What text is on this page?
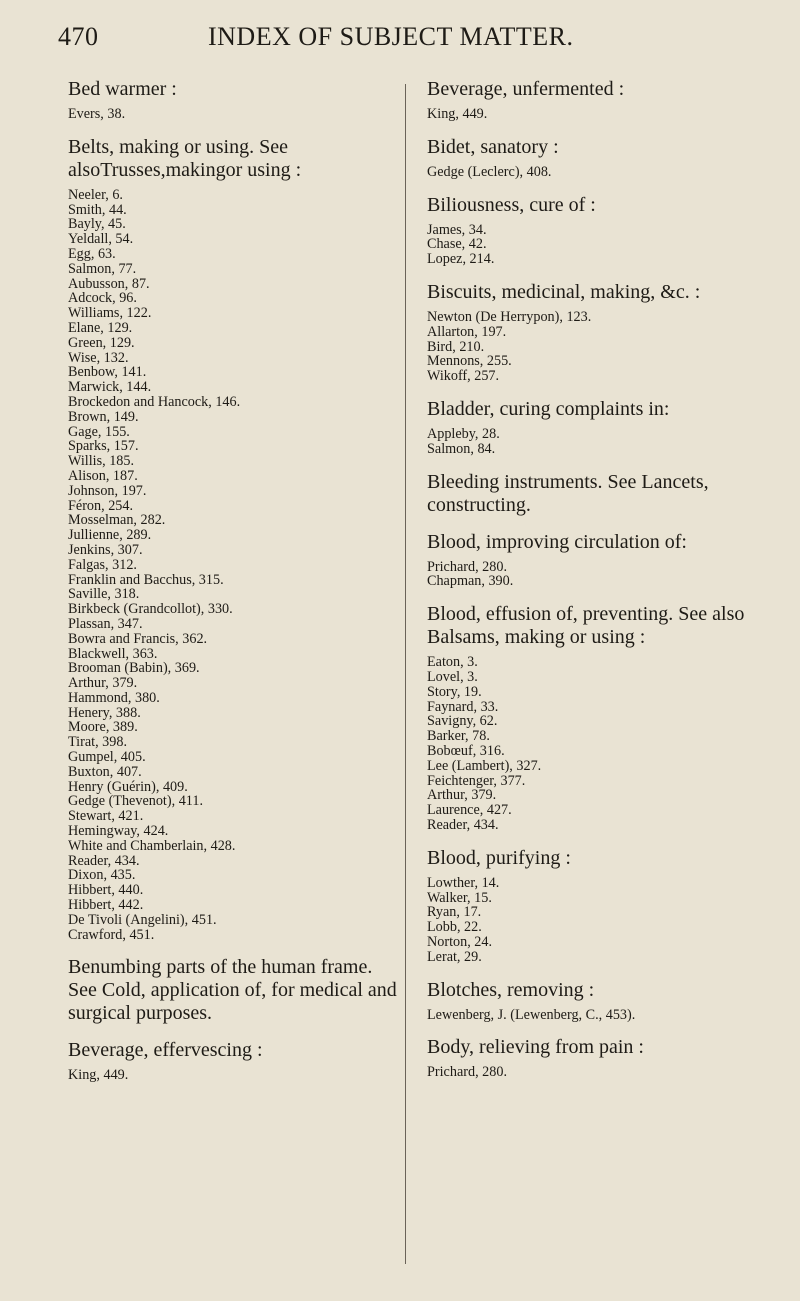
470	INDEX OF SUBJECT MATTER.

Bed warmer :

Evers, 38.

Belts, making or using. See alsoTrusses,makingor using :

Neeler, 6.
Smith, 44.
Bayly, 45.
Yeldall, 54.
Egg, 63.
Salmon, 77.
Aubusson, 87.
Adcock, 96.
Williams, 122.
Elane, 129.
Green, 129.
Wise, 132.
Benbow, 141.
Marwick, 144.
Brockedon and Hancock, 146.
Brown, 149.
Gage, 155.
Sparks, 157.
Willis, 185.
Alison, 187.
Johnson, 197.
Féron, 254.
Mosselman, 282.
Jullienne, 289.
Jenkins, 307.
Falgas, 312.
Franklin and Bacchus, 315.
Saville, 318.
Birkbeck (Grandcollot), 330.
Plassan, 347.
Bowra and Francis, 362.
Blackwell, 363.
Brooman (Babin), 369.
Arthur, 379.
Hammond, 380.
Henery, 388.
Moore, 389.
Tirat, 398.
Gumpel, 405.
Buxton, 407.
Henry (Guérin), 409.
Gedge (Thevenot), 411.
Stewart, 421.
Hemingway, 424.
White and Chamberlain, 428.
Reader, 434.
Dixon, 435.
Hibbert, 440.
Hibbert, 442.
De Tivoli (Angelini), 451.
Crawford, 451.

Benumbing parts of the human frame. See Cold, application of, for medical and surgical purposes.

Beverage, effervescing :

King, 449.

Beverage, unfermented :

King, 449.

Bidet, sanatory :

Gedge (Leclerc), 408.

Biliousness, cure of :

James, 34.
Chase, 42.
Lopez, 214.

Biscuits, medicinal, making, &c. :

Newton (De Herrypon), 123.
Allarton, 197.
Bird, 210.
Mennons, 255.
Wikoff, 257.

Bladder, curing complaints in:

Appleby, 28.
Salmon, 84.

Bleeding instruments. See Lancets, constructing.

Blood, improving circulation of:

Prichard, 280.
Chapman, 390.

Blood, effusion of, preventing. See also Balsams, making or using :

Eaton, 3.
Lovel, 3.
Story, 19.
Faynard, 33.
Savigny, 62.
Barker, 78.
Bobœuf, 316.
Lee (Lambert), 327.
Feichtenger, 377.
Arthur, 379.
Laurence, 427.
Reader, 434.

Blood, purifying :

Lowther, 14.
Walker, 15.
Ryan, 17.
Lobb, 22.
Norton, 24.
Lerat, 29.

Blotches, removing :

Lewenberg, J. (Lewenberg, C., 453).

Body, relieving from pain :

Prichard, 280.
